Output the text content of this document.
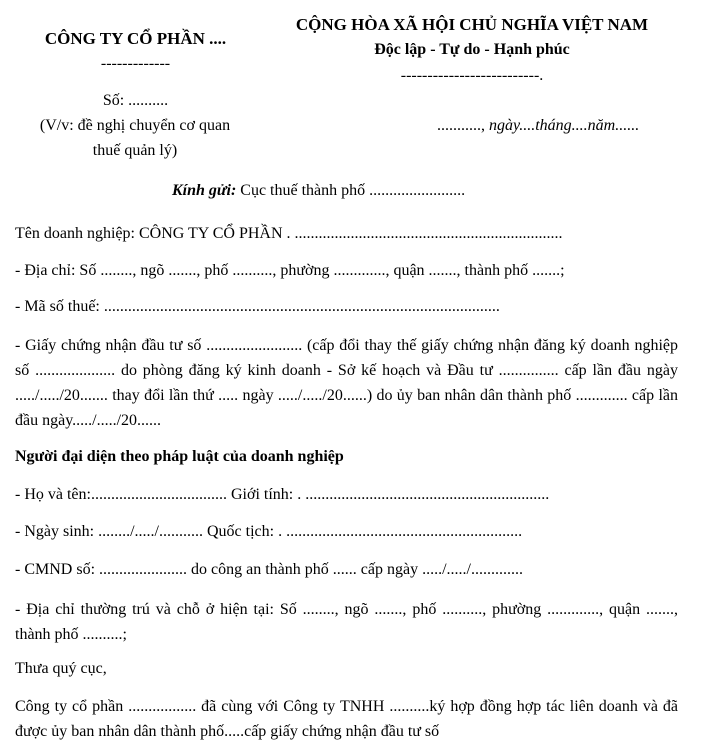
CÔNG TY CỔ PHẦN ....
-------------
Số: ..........
(V/v: đề nghị chuyển cơ quan
thuế quản lý)
CỘNG HÒA XÃ HỘI CHỦ NGHĨA VIỆT NAM
Độc lập - Tự do - Hạnh phúc
--------------------------.
..........., ngày....tháng....năm......
Kính gửi: Cục thuế thành phố ........................
Tên doanh nghiệp: CÔNG TY CỔ PHẦN . ...................................................................
- Địa chỉ: Số ........, ngõ ......., phố .........., phường ............., quận ......., thành phố .......;
- Mã số thuế: ...................................................................................................
- Giấy chứng nhận đầu tư số ........................ (cấp đổi thay thế giấy chứng nhận đăng ký doanh nghiệp số .................... do phòng đăng ký kinh doanh - Sở kế hoạch và Đầu tư ............... cấp lần đầu ngày ...../...../20....... thay đổi lần thứ ..... ngày ...../...../20......) do ủy ban nhân dân thành phố ............. cấp lần đầu ngày...../...../20......
Người đại diện theo pháp luật của doanh nghiệp
- Họ và tên:.................................. Giới tính: . .............................................................
- Ngày sinh: ......../...../........... Quốc tịch: . ...........................................................
- CMND số: ...................... do công an thành phố ...... cấp ngày ...../...../.............
- Địa chỉ thường trú và chỗ ở hiện tại: Số ........, ngõ ......., phố .........., phường ............., quận ......., thành phố ..........;
Thưa quý cục,
Công ty cổ phần ................. đã cùng với Công ty TNHH ..........ký hợp đồng hợp tác liên doanh và đã được ủy ban nhân dân thành phố.....cấp giấy chứng nhận đầu tư số
